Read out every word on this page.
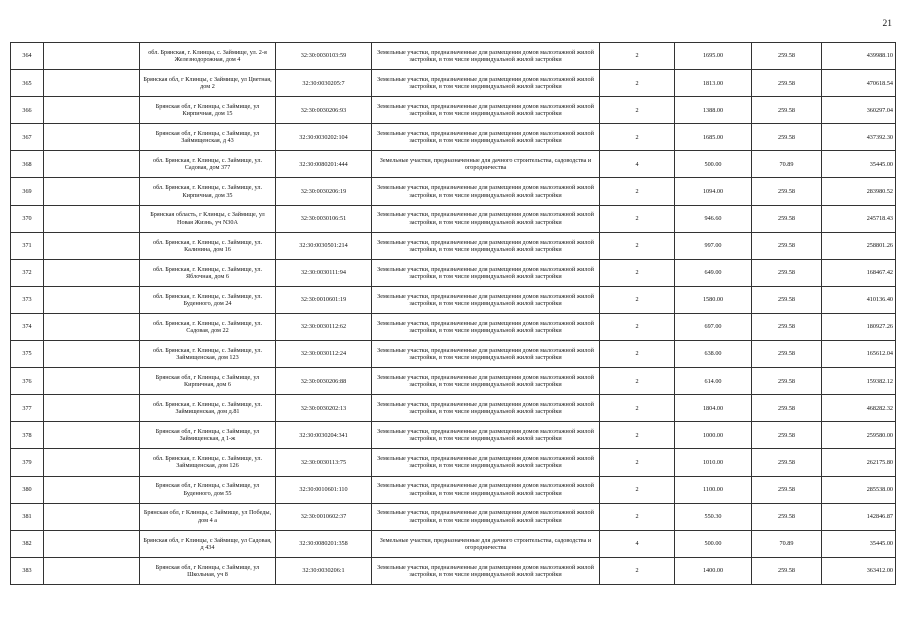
21
364		обл. Брянская, г. Клинцы, с. Займище, ул. 2-я Железнодорожная, дом 4	32:30:0030103:59	Земельные участки, предназначенные для размещения домов малоэтажной жилой застройки, в том числе индивидуальной жилой застройки	2	1695.00	259.58	439988.10
365		Брянская обл, г Клинцы, с Займище, ул Цветная, дом 2	32:30:0030205:7	Земельные участки, предназначенные для размещения домов малоэтажной жилой застройки, в том числе индивидуальной жилой застройки	2	1813.00	259.58	470618.54
366		Брянская обл, г Клинцы, с Займище, ул Кирпичная, дом 15	32:30:0030206:93	Земельные участки, предназначенные для размещения домов малоэтажной жилой застройки, в том числе индивидуальной жилой застройки	2	1388.00	259.58	360297.04
367		Брянская обл, г Клинцы, с Займище, ул Займищенская, д 43	32:30:0030202:104	Земельные участки, предназначенные для размещения домов малоэтажной жилой застройки, в том числе индивидуальной жилой застройки	2	1685.00	259.58	437392.30
368		обл. Брянская, г. Клинцы, с. Займище, ул. Садовая, дом 377	32:30:0080201:444	Земельные участки, предназначенные для дачного строительства, садоводства и огородничества	4	500.00	70.89	35445.00
369		обл. Брянская, г. Клинцы, с. Займище, ул. Кирпичная, дом 35	32:30:0030206:19	Земельные участки, предназначенные для размещения домов малоэтажной жилой застройки, в том числе индивидуальной жилой застройки	2	1094.00	259.58	283980.52
370		Брянская область, г Клинцы, с Займище, ул Новая Жизнь, уч N30А	32:30:0030106:51	Земельные участки, предназначенные для размещения домов малоэтажной жилой застройки, в том числе индивидуальной жилой застройки	2	946.60	259.58	245718.43
371		обл. Брянская, г. Клинцы, с. Займище, ул. Калинина, дом 16	32:30:0030501:214	Земельные участки, предназначенные для размещения домов малоэтажной жилой застройки, в том числе индивидуальной жилой застройки	2	997.00	259.58	258801.26
372		обл. Брянская, г. Клинцы, с. Займище, ул. Яблочная, дом 6	32:30:0030111:94	Земельные участки, предназначенные для размещения домов малоэтажной жилой застройки, в том числе индивидуальной жилой застройки	2	649.00	259.58	168467.42
373		обл. Брянская, г. Клинцы, с. Займище, ул. Буденного, дом 24	32:30:0010601:19	Земельные участки, предназначенные для размещения домов малоэтажной жилой застройки, в том числе индивидуальной жилой застройки	2	1580.00	259.58	410136.40
374		обл. Брянская, г. Клинцы, с. Займище, ул. Садовая, дом 22	32:30:0030112:62	Земельные участки, предназначенные для размещения домов малоэтажной жилой застройки, в том числе индивидуальной жилой застройки	2	697.00	259.58	180927.26
375		обл. Брянская, г. Клинцы, с. Займище, ул. Займищенская, дом 123	32:30:0030112:24	Земельные участки, предназначенные для размещения домов малоэтажной жилой застройки, в том числе индивидуальной жилой застройки	2	638.00	259.58	165612.04
376		Брянская обл, г Клинцы, с Займище, ул Кирпичная, дом 6	32:30:0030206:88	Земельные участки, предназначенные для размещения домов малоэтажной жилой застройки, в том числе индивидуальной жилой застройки	2	614.00	259.58	159382.12
377		обл. Брянская, г. Клинцы, с. Займище, ул. Займищенская, дом д.81	32:30:0030202:13	Земельные участки, предназначенные для размещения домов малоэтажной жилой застройки, в том числе индивидуальной жилой застройки	2	1804.00	259.58	468282.32
378		Брянская обл, г Клинцы, с Займище, ул Займищенская, д 1-ж	32:30:0030204:341	Земельные участки, предназначенные для размещения домов малоэтажной жилой застройки, в том числе индивидуальной жилой застройки	2	1000.00	259.58	259580.00
379		обл. Брянская, г. Клинцы, с. Займище, ул. Займищенская, дом 126	32:30:0030113:75	Земельные участки, предназначенные для размещения домов малоэтажной жилой застройки, в том числе индивидуальной жилой застройки	2	1010.00	259.58	262175.80
380		Брянская обл, г Клинцы, с Займище, ул Буденного, дом 55	32:30:0010601:110	Земельные участки, предназначенные для размещения домов малоэтажной жилой застройки, в том числе индивидуальной жилой застройки	2	1100.00	259.58	285538.00
381		Брянская обл, г Клинцы, с Займище, ул Победы, дом 4 а	32:30:0010602:37	Земельные участки, предназначенные для размещения домов малоэтажной жилой застройки, в том числе индивидуальной жилой застройки	2	550.30	259.58	142846.87
382		Брянская обл, г Клинцы, с Займище, ул Садовая, д 434	32:30:0080201:358	Земельные участки, предназначенные для дачного строительства, садоводства и огородничества	4	500.00	70.89	35445.00
383		Брянская обл, г Клинцы, с Займище, ул Школьная, уч 8	32:30:0030206:1	Земельные участки, предназначенные для размещения домов малоэтажной жилой застройки, в том числе индивидуальной жилой застройки	2	1400.00	259.58	363412.00
